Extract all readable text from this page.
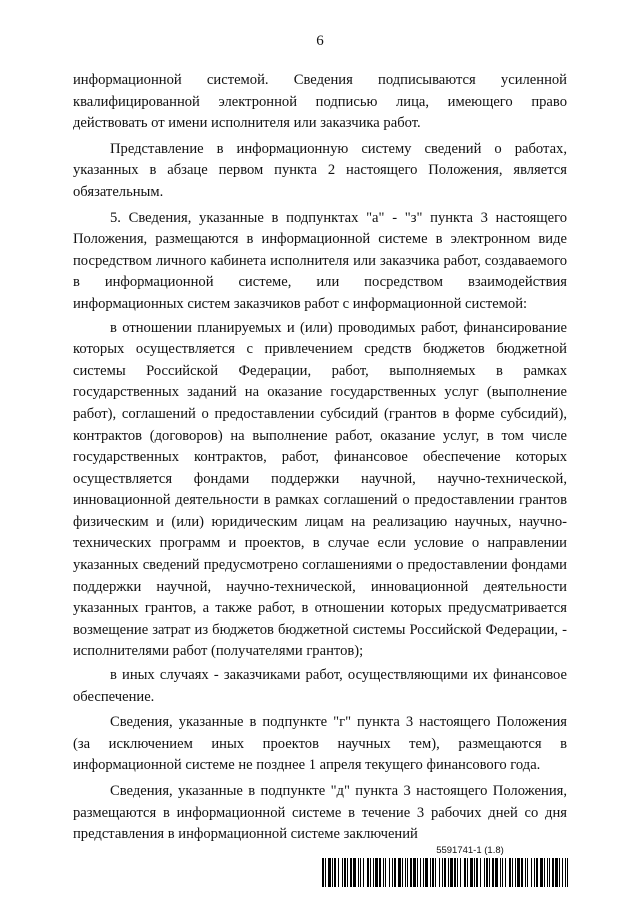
6

информационной системой. Сведения подписываются усиленной квалифицированной электронной подписью лица, имеющего право действовать от имени исполнителя или заказчика работ.

Представление в информационную систему сведений о работах, указанных в абзаце первом пункта 2 настоящего Положения, является обязательным.

5. Сведения, указанные в подпунктах "а" - "з" пункта 3 настоящего Положения, размещаются в информационной системе в электронном виде посредством личного кабинета исполнителя или заказчика работ, создаваемого в информационной системе, или посредством взаимодействия информационных систем заказчиков работ с информационной системой:

в отношении планируемых и (или) проводимых работ, финансирование которых осуществляется с привлечением средств бюджетов бюджетной системы Российской Федерации, работ, выполняемых в рамках государственных заданий на оказание государственных услуг (выполнение работ), соглашений о предоставлении субсидий (грантов в форме субсидий), контрактов (договоров) на выполнение работ, оказание услуг, в том числе государственных контрактов, работ, финансовое обеспечение которых осуществляется фондами поддержки научной, научно-технической, инновационной деятельности в рамках соглашений о предоставлении грантов физическим и (или) юридическим лицам на реализацию научных, научно-технических программ и проектов, в случае если условие о направлении указанных сведений предусмотрено соглашениями о предоставлении фондами поддержки научной, научно-технической, инновационной деятельности указанных грантов, а также работ, в отношении которых предусматривается возмещение затрат из бюджетов бюджетной системы Российской Федерации, - исполнителями работ (получателями грантов);

в иных случаях - заказчиками работ, осуществляющими их финансовое обеспечение.

Сведения, указанные в подпункте "г" пункта 3 настоящего Положения (за исключением иных проектов научных тем), размещаются в информационной системе не позднее 1 апреля текущего финансового года.

Сведения, указанные в подпункте "д" пункта 3 настоящего Положения, размещаются в информационной системе в течение 3 рабочих дней со дня представления в информационной системе заключений

5591741-1 (1.8)
